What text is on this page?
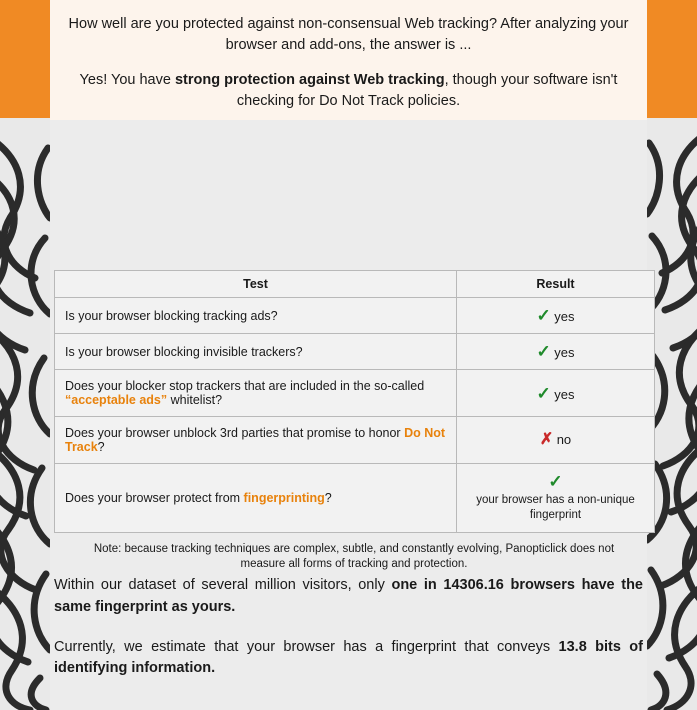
How well are you protected against non-consensual Web tracking? After analyzing your browser and add-ons, the answer is ...

Yes! You have strong protection against Web tracking, though your software isn't checking for Do Not Track policies.

Test	Result
Is your browser blocking tracking ads?	✓ yes
Is your browser blocking invisible trackers?	✓ yes
Does your blocker stop trackers that are included in the so-called “acceptable ads” whitelist?	✓ yes
Does your browser unblock 3rd parties that promise to honor Do Not Track?	✗ no
Does your browser protect from fingerprinting?	✓
your browser has a non-unique fingerprint
Note: because tracking techniques are complex, subtle, and constantly evolving, Panopticlick does not measure all forms of tracking and protection.

Within our dataset of several million visitors, only one in 14306.16 browsers have the same fingerprint as yours.

Currently, we estimate that your browser has a fingerprint that conveys 13.8 bits of identifying information.
